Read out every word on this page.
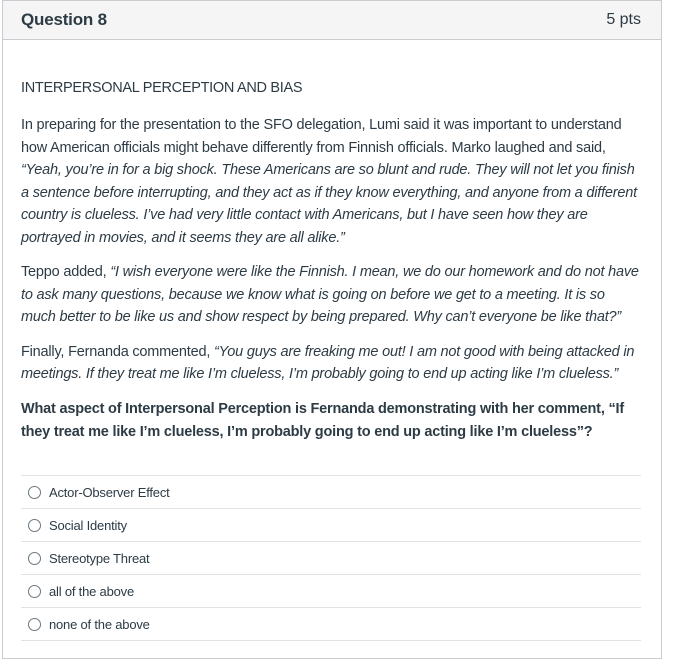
Question 8	5 pts

INTERPERSONAL PERCEPTION AND BIAS

In preparing for the presentation to the SFO delegation, Lumi said it was important to understand how American officials might behave differently from Finnish officials. Marko laughed and said, “Yeah, you’re in for a big shock. These Americans are so blunt and rude. They will not let you finish a sentence before interrupting, and they act as if they know everything, and anyone from a different country is clueless. I’ve had very little contact with Americans, but I have seen how they are portrayed in movies, and it seems they are all alike.”

Teppo added, “I wish everyone were like the Finnish. I mean, we do our homework and do not have to ask many questions, because we know what is going on before we get to a meeting. It is so much better to be like us and show respect by being prepared. Why can’t everyone be like that?”

Finally, Fernanda commented, “You guys are freaking me out! I am not good with being attacked in meetings. If they treat me like I’m clueless, I’m probably going to end up acting like I’m clueless.”

What aspect of Interpersonal Perception is Fernanda demonstrating with her comment, “If they treat me like I’m clueless, I’m probably going to end up acting like I’m clueless”?

Actor-Observer Effect
Social Identity
Stereotype Threat
all of the above
none of the above
